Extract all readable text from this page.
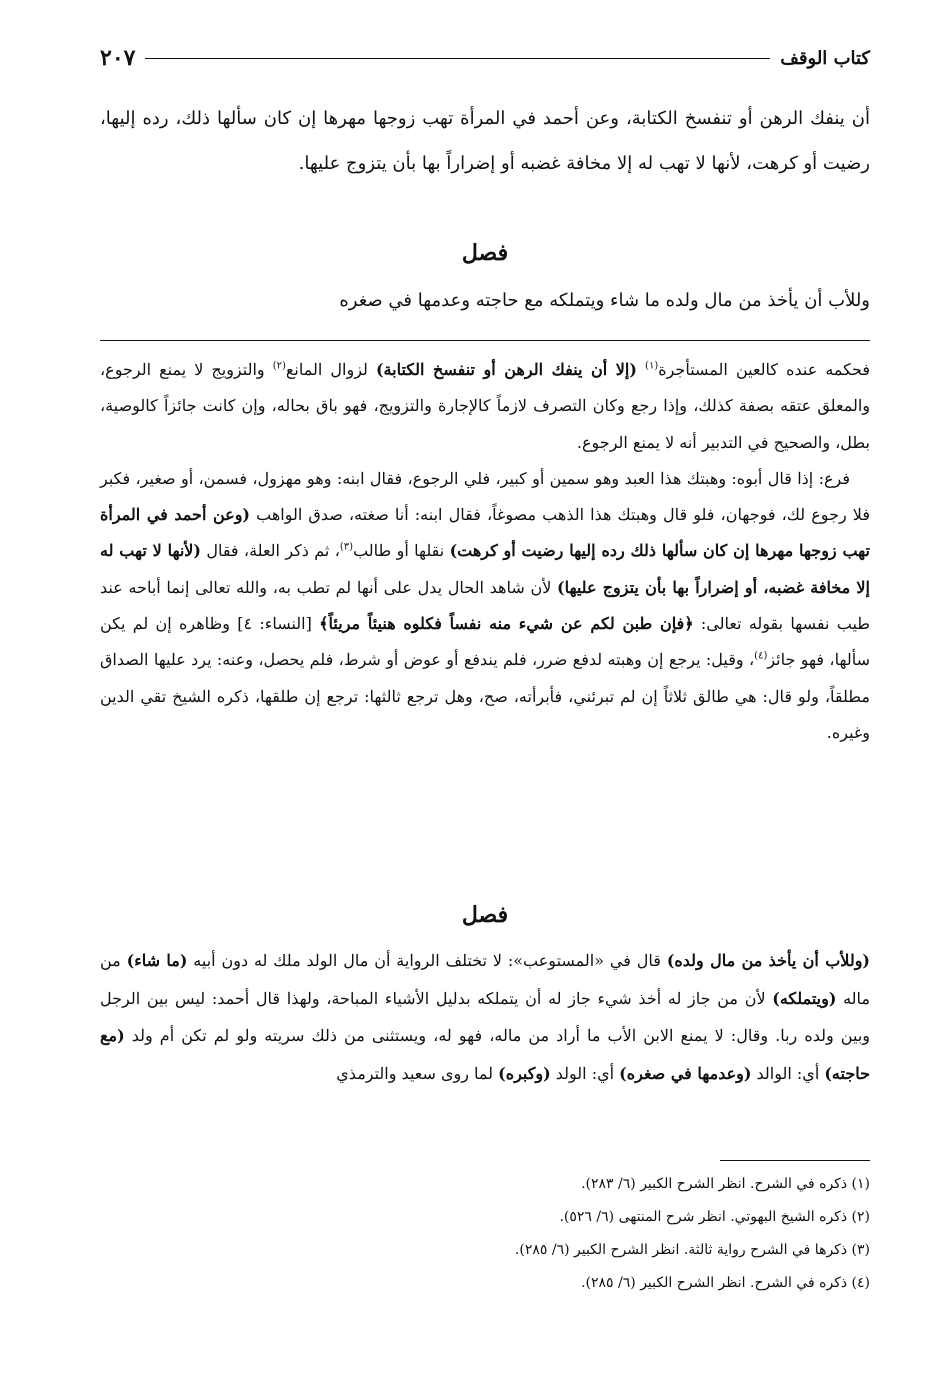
كتاب الوقف
٢٠٧
أن ينفك الرهن أو تنفسخ الكتابة، وعن أحمد في المرأة تهب زوجها مهرها إن كان سألها ذلك، رده إليها، رضيت أو كرهت، لأنها لا تهب له إلا مخافة غضبه أو إضراراً بها بأن يتزوج عليها.
فصل
وللأب أن يأخذ من مال ولده ما شاء ويتملكه مع حاجته وعدمها في صغره

فحكمه عنده كالعين المستأجرة$^{(١)}$ (إلا أن ينفك الرهن أو تنفسخ الكتابة) لزوال المانع$^{(٢)}$ والتزويج لا يمنع الرجوع، والمعلق عتقه بصفة كذلك، وإذا رجع وكان التصرف لازماً كالإجارة والتزويج، فهو باق بحاله، وإن كانت جائزاً كالوصية، بطل، والصحيح في التدبير أنه لا يمنع الرجوع.

فرع: إذا قال أبوه: وهبتك هذا العبد وهو سمين أو كبير، فلي الرجوع، فقال ابنه: وهو مهزول، فسمن، أو صغير، فكبر فلا رجوع لك، فوجهان، فلو قال وهبتك هذا الذهب مصوغاً، فقال ابنه: أنا صغته، صدق الواهب (وعن أحمد في المرأة تهب زوجها مهرها إن كان سألها ذلك رده إليها رضيت أو كرهت) نقلها أو طالب$^{(٣)}$، ثم ذكر العلة، فقال (لأنها لا تهب له إلا مخافة غضبه، أو إضراراً بها بأن يتزوج عليها) لأن شاهد الحال يدل على أنها لم تطب به، والله تعالى إنما أباحه عند طيب نفسها بقوله تعالى: ﴿فإن طبن لكم عن شيء منه نفساً فكلوه هنيئاً مريئاً﴾ [النساء: ٤] وظاهره إن لم يكن سألها، فهو جائز$^{(٤)}$، وقيل: يرجع إن وهبته لدفع ضرر، فلم يندفع أو عوض أو شرط، فلم يحصل، وعنه: يرد عليها الصداق مطلقاً، ولو قال: هي طالق ثلاثاً إن لم تبرئني، فأبرأته، صح، وهل ترجع ثالثها: ترجع إن طلقها، ذكره الشيخ تقي الدين وغيره.

فصل
(وللأب أن يأخذ من مال ولده) قال في «المستوعب»: لا تختلف الرواية أن مال الولد ملك له دون أبيه (ما شاء) من ماله (ويتملكه) لأن من جاز له أخذ شيء جاز له أن يتملكه بدليل الأشياء المباحة، ولهذا قال أحمد: ليس بين الرجل وبين ولده ربا. وقال: لا يمنع الابن الأب ما أراد من ماله، فهو له، ويستثنى من ذلك سريته ولو لم تكن أم ولد (مع حاجته) أي: الوالد (وعدمها في صغره) أي: الولد (وكبره) لما روى سعيد والترمذي
(١) ذكره في الشرح. انظر الشرح الكبير (٦/ ٢٨٣).
(٢) ذكره الشيخ البهوتي. انظر شرح المنتهى (٦/ ٥٢٦).
(٣) ذكرها في الشرح رواية ثالثة. انظر الشرح الكبير (٦/ ٢٨٥).
(٤) ذكره في الشرح. انظر الشرح الكبير (٦/ ٢٨٥).
